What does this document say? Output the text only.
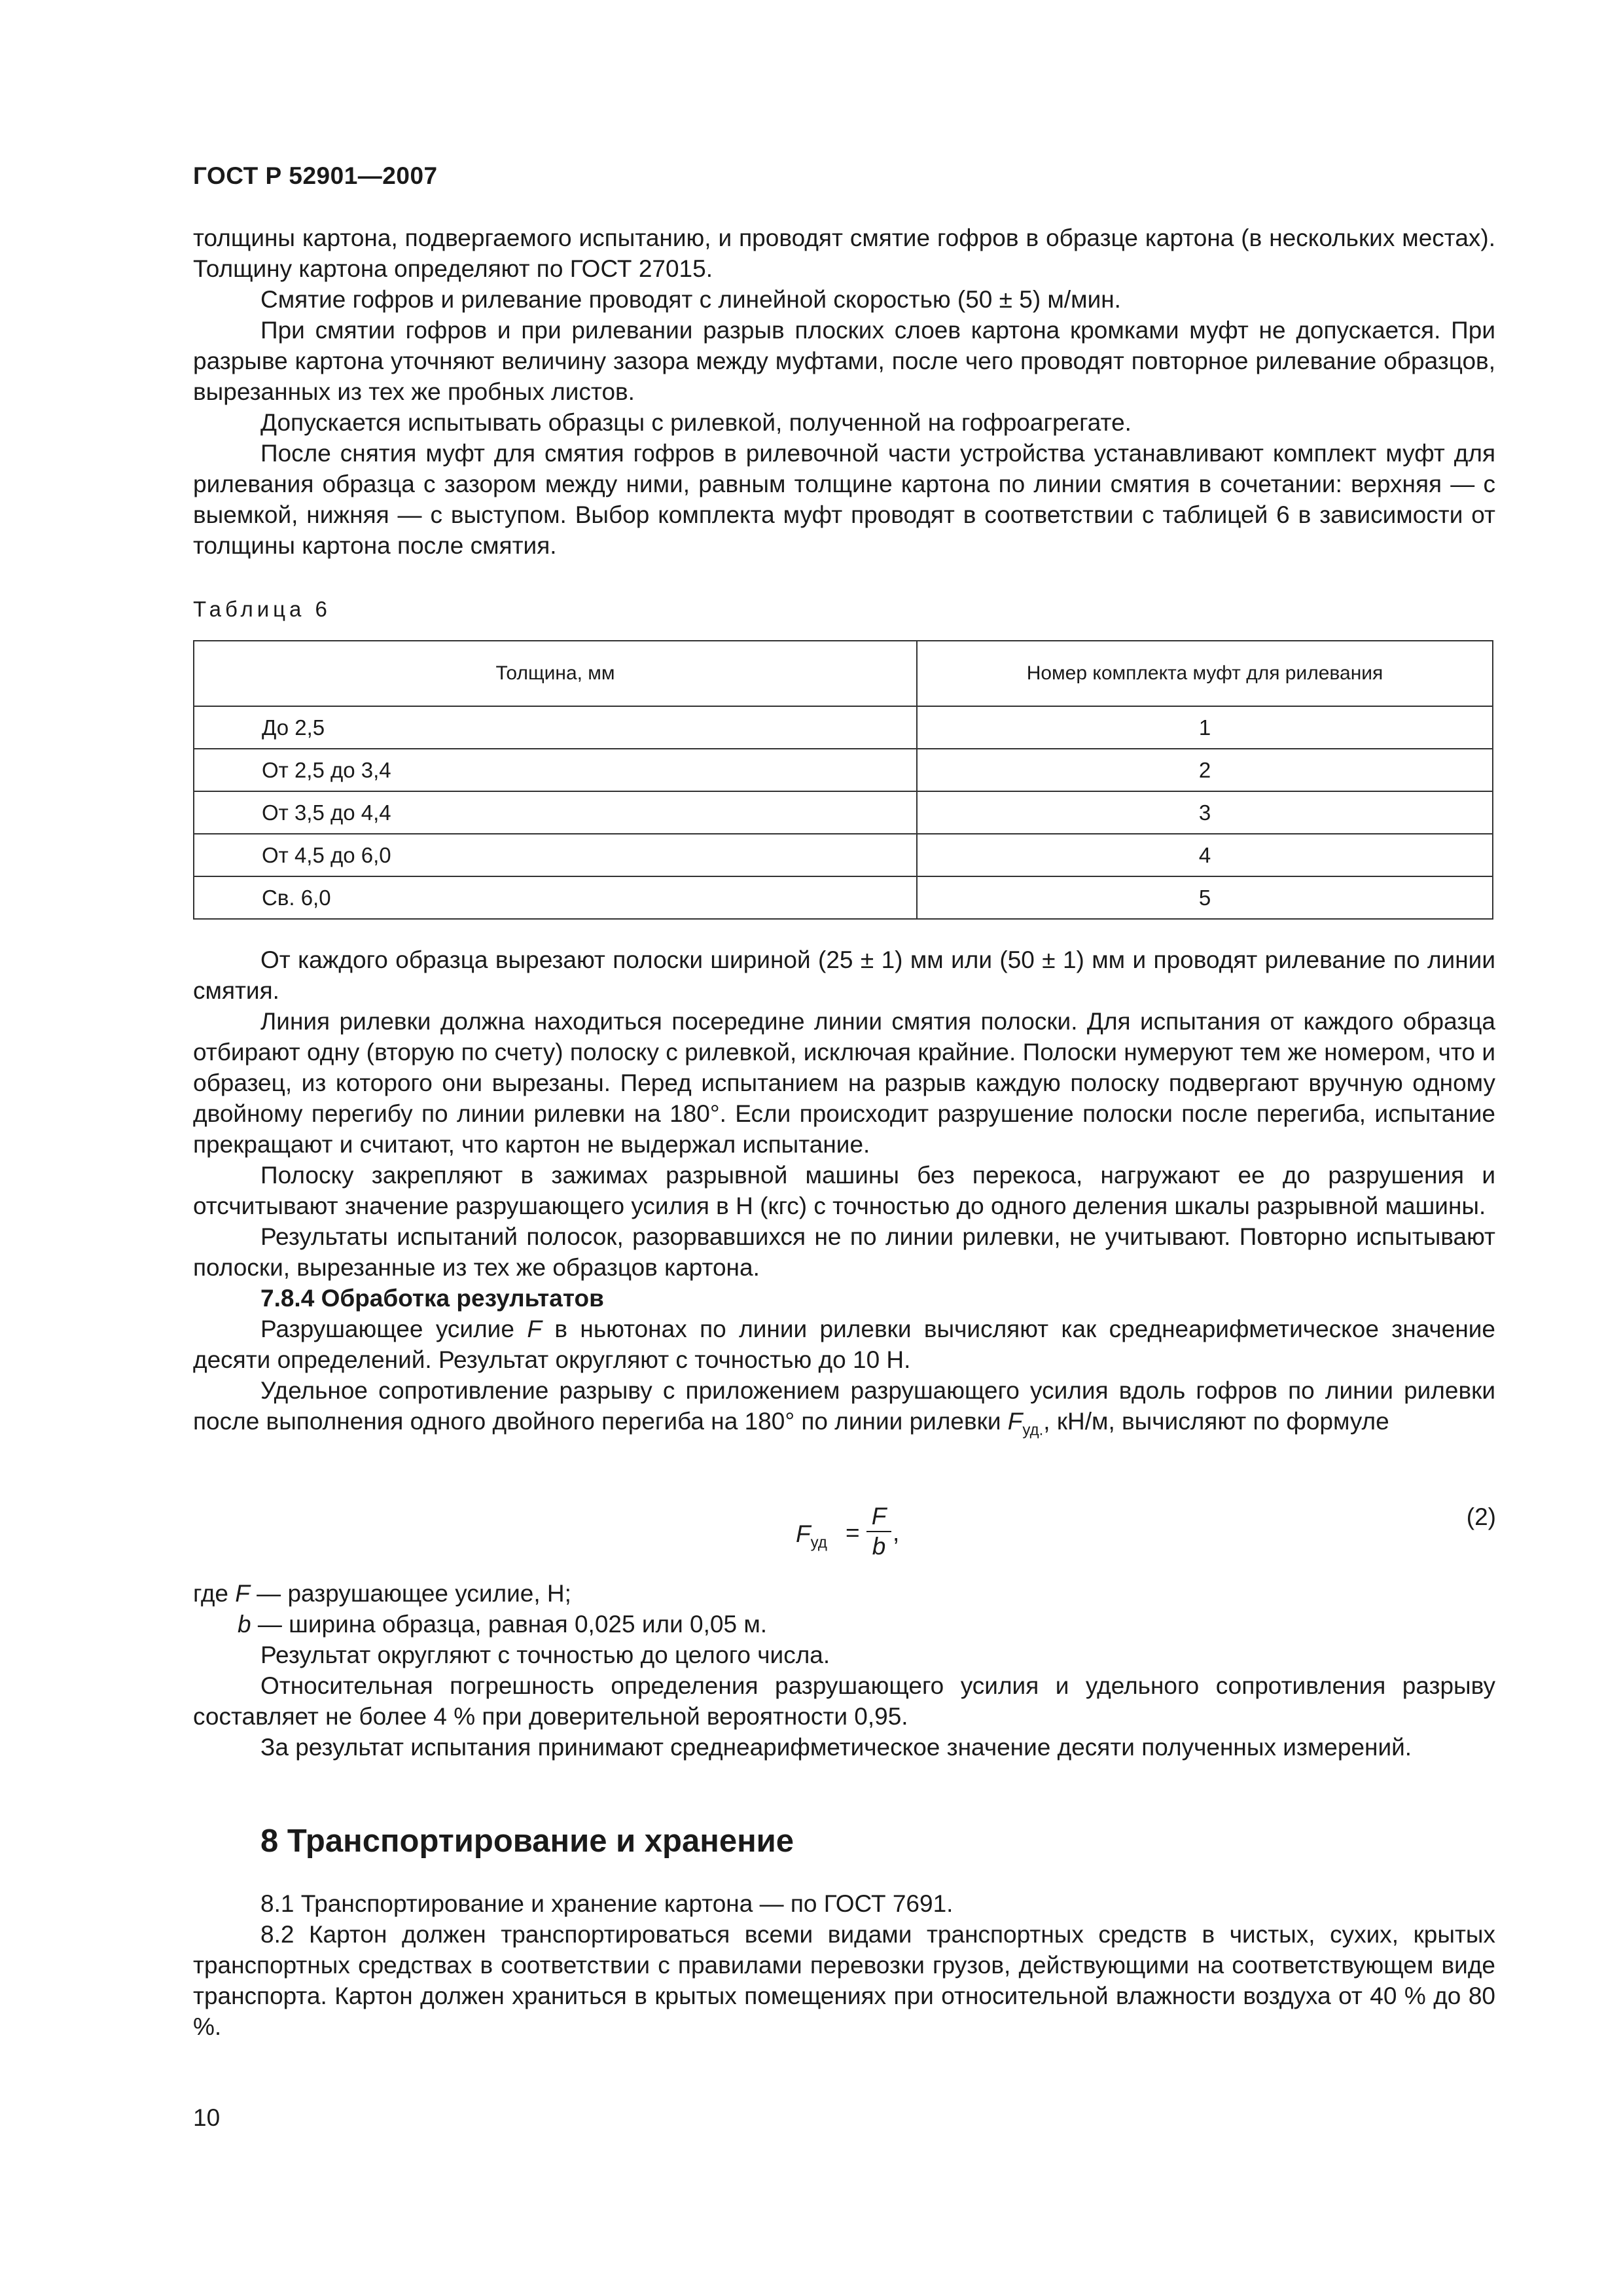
ГОСТ Р 52901—2007

толщины картона, подвергаемого испытанию, и проводят смятие гофров в образце картона (в нескольких местах). Толщину картона определяют по ГОСТ 27015.

Смятие гофров и рилевание проводят с линейной скоростью (50 ± 5) м/мин.

При смятии гофров и при рилевании разрыв плоских слоев картона кромками муфт не допускается. При разрыве картона уточняют величину зазора между муфтами, после чего проводят повторное рилевание образцов, вырезанных из тех же пробных листов.

Допускается испытывать образцы с рилевкой, полученной на гофроагрегате.

После снятия муфт для смятия гофров в рилевочной части устройства устанавливают комплект муфт для рилевания образца с зазором между ними, равным толщине картона по линии смятия в сочетании: верхняя — с выемкой, нижняя — с выступом. Выбор комплекта муфт проводят в соответствии с таблицей 6 в зависимости от толщины картона после смятия.

Таблица 6
Толщина, мм	Номер комплекта муфт для рилевания
До 2,5	1
От 2,5 до 3,4	2
От 3,5 до 4,4	3
От 4,5 до 6,0	4
Св. 6,0	5

От каждого образца вырезают полоски шириной (25 ± 1) мм или (50 ± 1) мм и проводят рилевание по линии смятия.

Линия рилевки должна находиться посередине линии смятия полоски. Для испытания от каждого образца отбирают одну (вторую по счету) полоску с рилевкой, исключая крайние. Полоски нумеруют тем же номером, что и образец, из которого они вырезаны. Перед испытанием на разрыв каждую полоску подвергают вручную одному двойному перегибу по линии рилевки на 180°. Если происходит разрушение полоски после перегиба, испытание прекращают и считают, что картон не выдержал испытание.

Полоску закрепляют в зажимах разрывной машины без перекоса, нагружают ее до разрушения и отсчитывают значение разрушающего усилия в Н (кгс) с точностью до одного деления шкалы разрывной машины.

Результаты испытаний полосок, разорвавшихся не по линии рилевки, не учитывают. Повторно испытывают полоски, вырезанные из тех же образцов картона.

7.8.4 Обработка результатов

Разрушающее усилие F в ньютонах по линии рилевки вычисляют как среднеарифметическое значение десяти определений. Результат округляют с точностью до 10 Н.

Удельное сопротивление разрыву с приложением разрушающего усилия вдоль гофров по линии рилевки после выполнения одного двойного перегиба на 180° по линии рилевки $F_{уд.}$, кН/м, вычисляют по формуле

$F_{уд}$ =
F
b
,
(2)
где F — разрушающее усилие, Н;
b — ширина образца, равная 0,025 или 0,05 м.

Результат округляют с точностью до целого числа.

Относительная погрешность определения разрушающего усилия и удельного сопротивления разрыву составляет не более 4 % при доверительной вероятности 0,95.

За результат испытания принимают среднеарифметическое значение десяти полученных измерений.

8 Транспортирование и хранение

8.1 Транспортирование и хранение картона — по ГОСТ 7691.

8.2 Картон должен транспортироваться всеми видами транспортных средств в чистых, сухих, крытых транспортных средствах в соответствии с правилами перевозки грузов, действующими на соответствующем виде транспорта. Картон должен храниться в крытых помещениях при относительной влажности воздуха от 40 % до 80 %.

10
